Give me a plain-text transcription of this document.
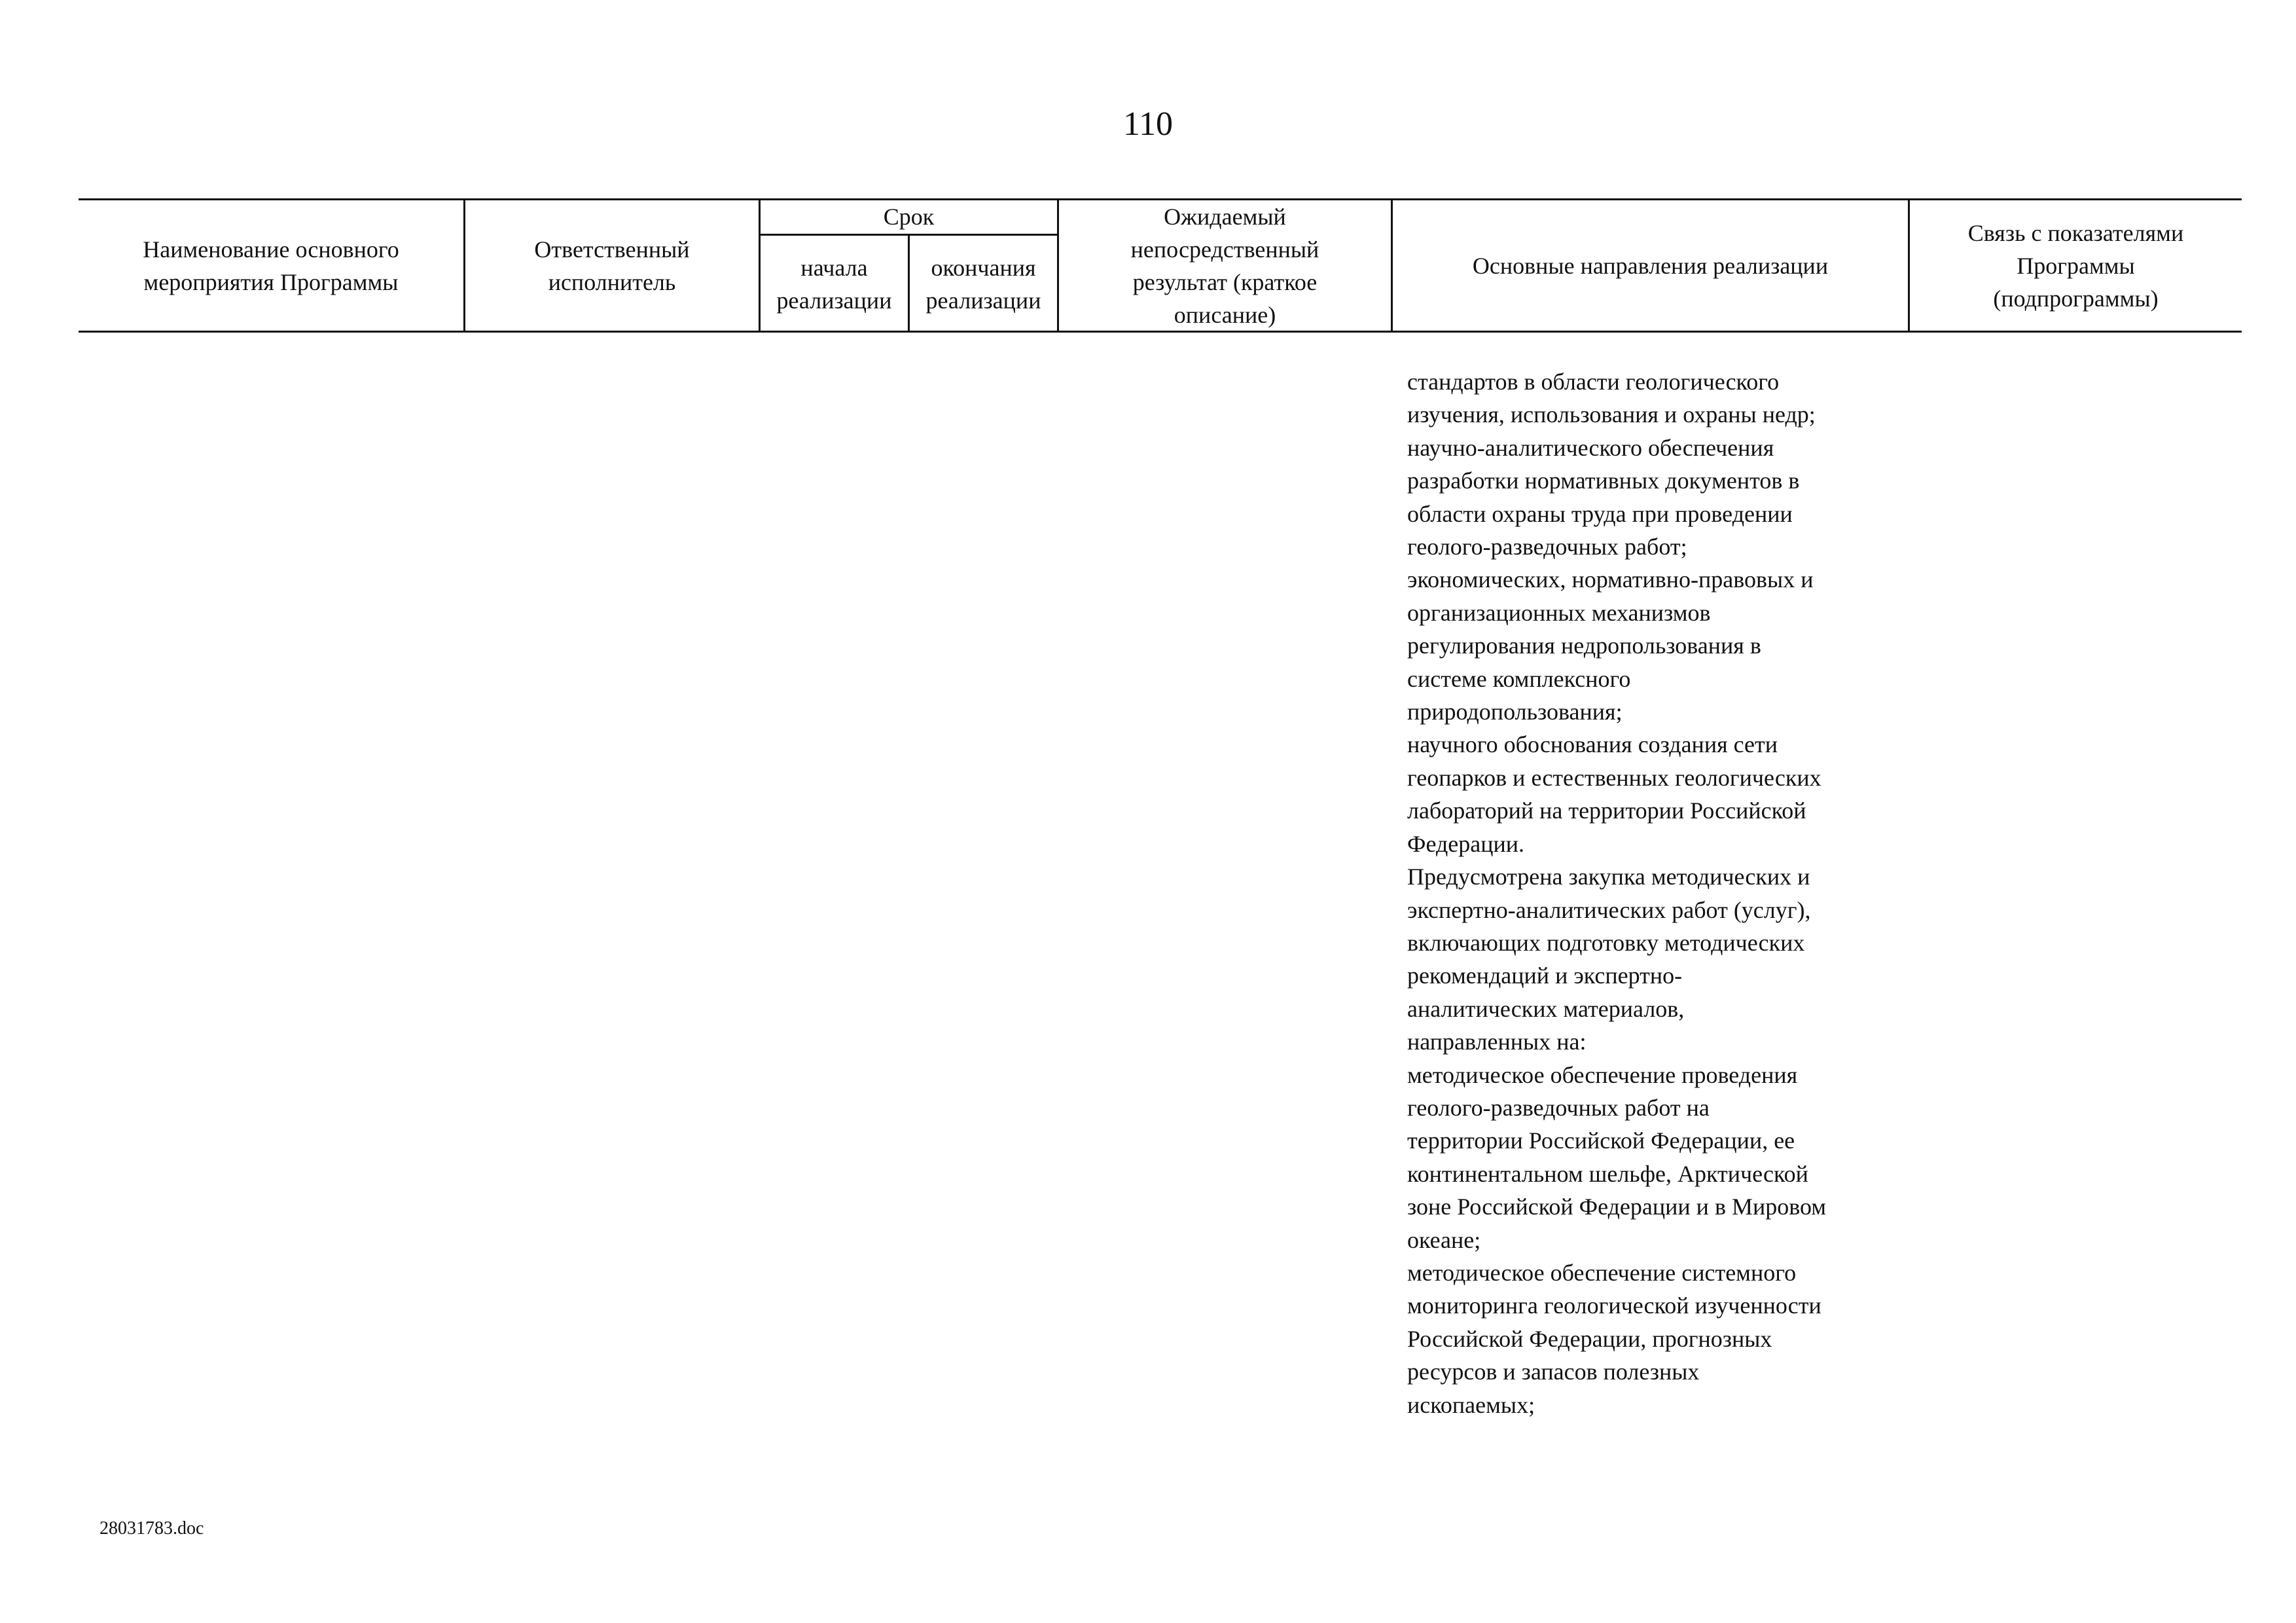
110
Наименование основного мероприятия Программы
Ответственный исполнитель
Срок
начала реализации
окончания реализации
Ожидаемый непосредственный результат (краткое описание)
Основные направления реализации
Связь с показателями Программы (подпрограммы)
стандартов в области геологического
изучения, использования и охраны недр;
научно-аналитического обеспечения
разработки нормативных документов в
области охраны труда при проведении
геолого-разведочных работ;
экономических, нормативно-правовых и
организационных механизмов
регулирования недропользования в
системе комплексного
природопользования;
научного обоснования создания сети
геопарков и естественных геологических
лабораторий на территории Российской
Федерации.
Предусмотрена закупка методических и
экспертно-аналитических работ (услуг),
включающих подготовку методических
рекомендаций и экспертно-
аналитических материалов,
направленных на:
методическое обеспечение проведения
геолого-разведочных работ на
территории Российской Федерации, ее
континентальном шельфе, Арктической
зоне Российской Федерации и в Мировом
океане;
методическое обеспечение системного
мониторинга геологической изученности
Российской Федерации, прогнозных
ресурсов и запасов полезных
ископаемых;
28031783.doc
